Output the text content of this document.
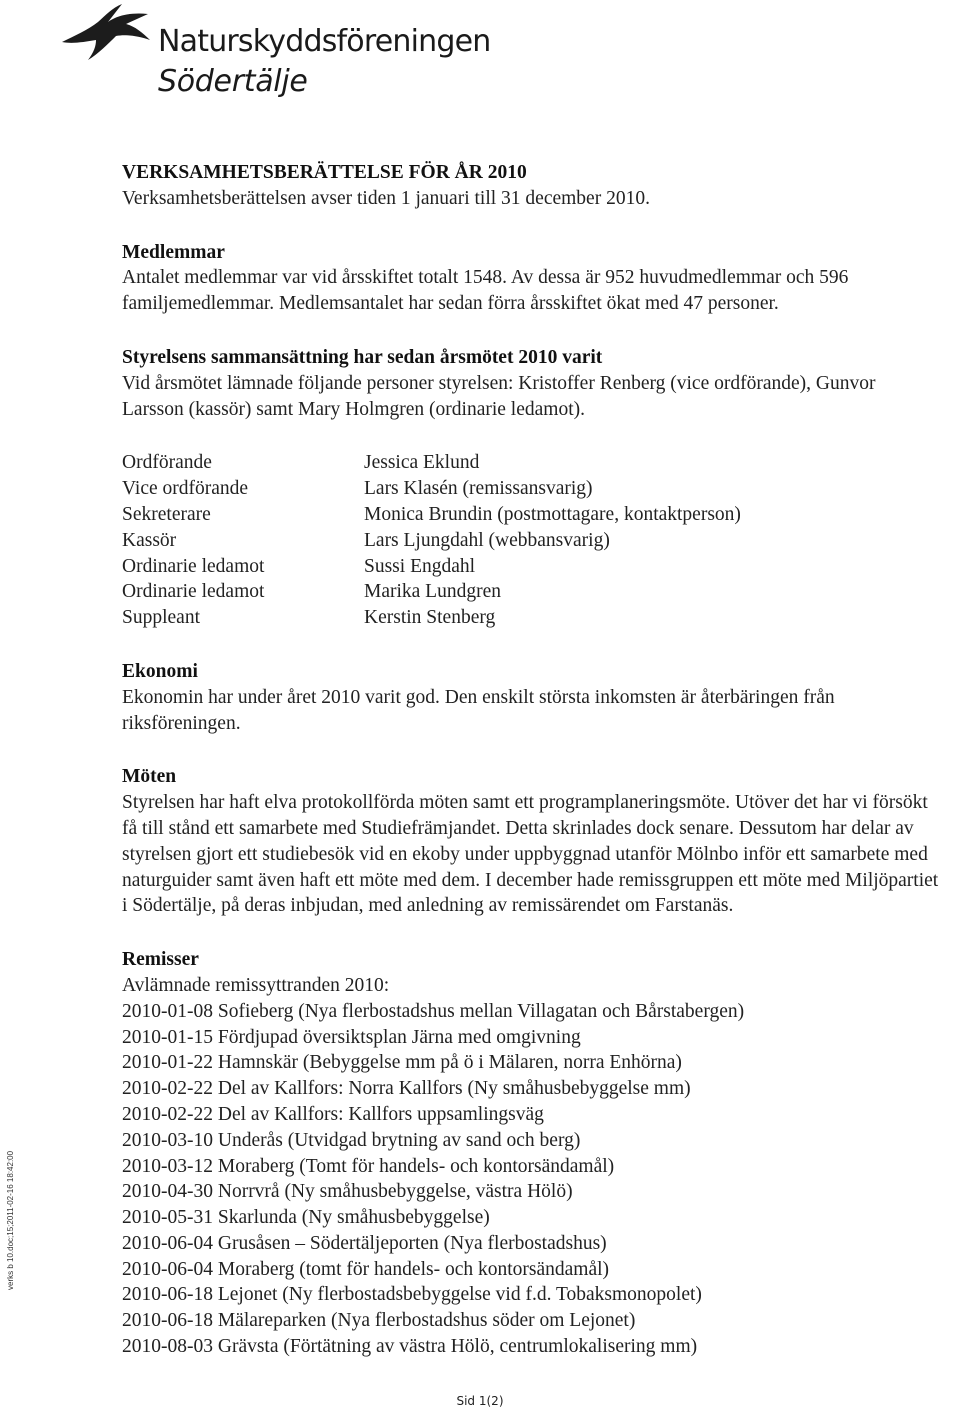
Naturskyddsföreningen
Södertälje
VERKSAMHETSBERÄTTELSE FÖR ÅR 2010

Verksamhetsberättelsen avser tiden 1 januari till 31 december 2010.

Medlemmar

Antalet medlemmar var vid årsskiftet totalt 1548. Av dessa är 952 huvudmedlemmar och 596 familjemedlemmar. Medlemsantalet har sedan förra årsskiftet ökat med 47 personer.

Styrelsens sammansättning har sedan årsmötet 2010 varit

Vid årsmötet lämnade följande personer styrelsen: Kristoffer Renberg (vice ordförande), Gunvor Larsson (kassör) samt Mary Holmgren (ordinarie ledamot).

Ordförande	Jessica Eklund
Vice ordförande	Lars Klasén (remissansvarig)
Sekreterare	Monica Brundin (postmottagare, kontaktperson)
Kassör	Lars Ljungdahl (webbansvarig)
Ordinarie ledamot	Sussi Engdahl
Ordinarie ledamot	Marika Lundgren
Suppleant	Kerstin Stenberg
Ekonomi

Ekonomin har under året 2010 varit god. Den enskilt största inkomsten är återbäringen från riksföreningen.

Möten

Styrelsen har haft elva protokollförda möten samt ett programplaneringsmöte. Utöver det har vi försökt få till stånd ett samarbete med Studiefrämjandet. Detta skrinlades dock senare. Dessutom har delar av styrelsen gjort ett studiebesök vid en ekoby under uppbyggnad utanför Mölnbo inför ett samarbete med naturguider samt även haft ett möte med dem. I december hade remissgruppen ett möte med Miljöpartiet i Södertälje, på deras inbjudan, med anledning av remissärendet om Farstanäs.

Remisser

Avlämnade remissyttranden 2010:

2010-01-08 Sofieberg (Nya flerbostadshus mellan Villagatan och Bårstabergen)
2010-01-15 Fördjupad översiktsplan Järna med omgivning
2010-01-22 Hamnskär (Bebyggelse mm på ö i Mälaren, norra Enhörna)
2010-02-22 Del av Kallfors: Norra Kallfors (Ny småhusbebyggelse mm)
2010-02-22 Del av Kallfors: Kallfors uppsamlingsväg
2010-03-10 Underås (Utvidgad brytning av sand och berg)
2010-03-12 Moraberg (Tomt för handels- och kontorsändamål)
2010-04-30 Norrvrå (Ny småhusbebyggelse, västra Hölö)
2010-05-31 Skarlunda (Ny småhusbebyggelse)
2010-06-04 Grusåsen – Södertäljeporten (Nya flerbostadshus)
2010-06-04 Moraberg (tomt för handels- och kontorsändamål)
2010-06-18 Lejonet (Ny flerbostadsbebyggelse vid f.d. Tobaksmonopolet)
2010-06-18 Mälareparken (Nya flerbostadshus söder om Lejonet)
2010-08-03 Grävsta (Förtätning av västra Hölö, centrumlokalisering mm)
verks b 10.doc;15;2011-02-16 18:42:00
Sid 1(2)
